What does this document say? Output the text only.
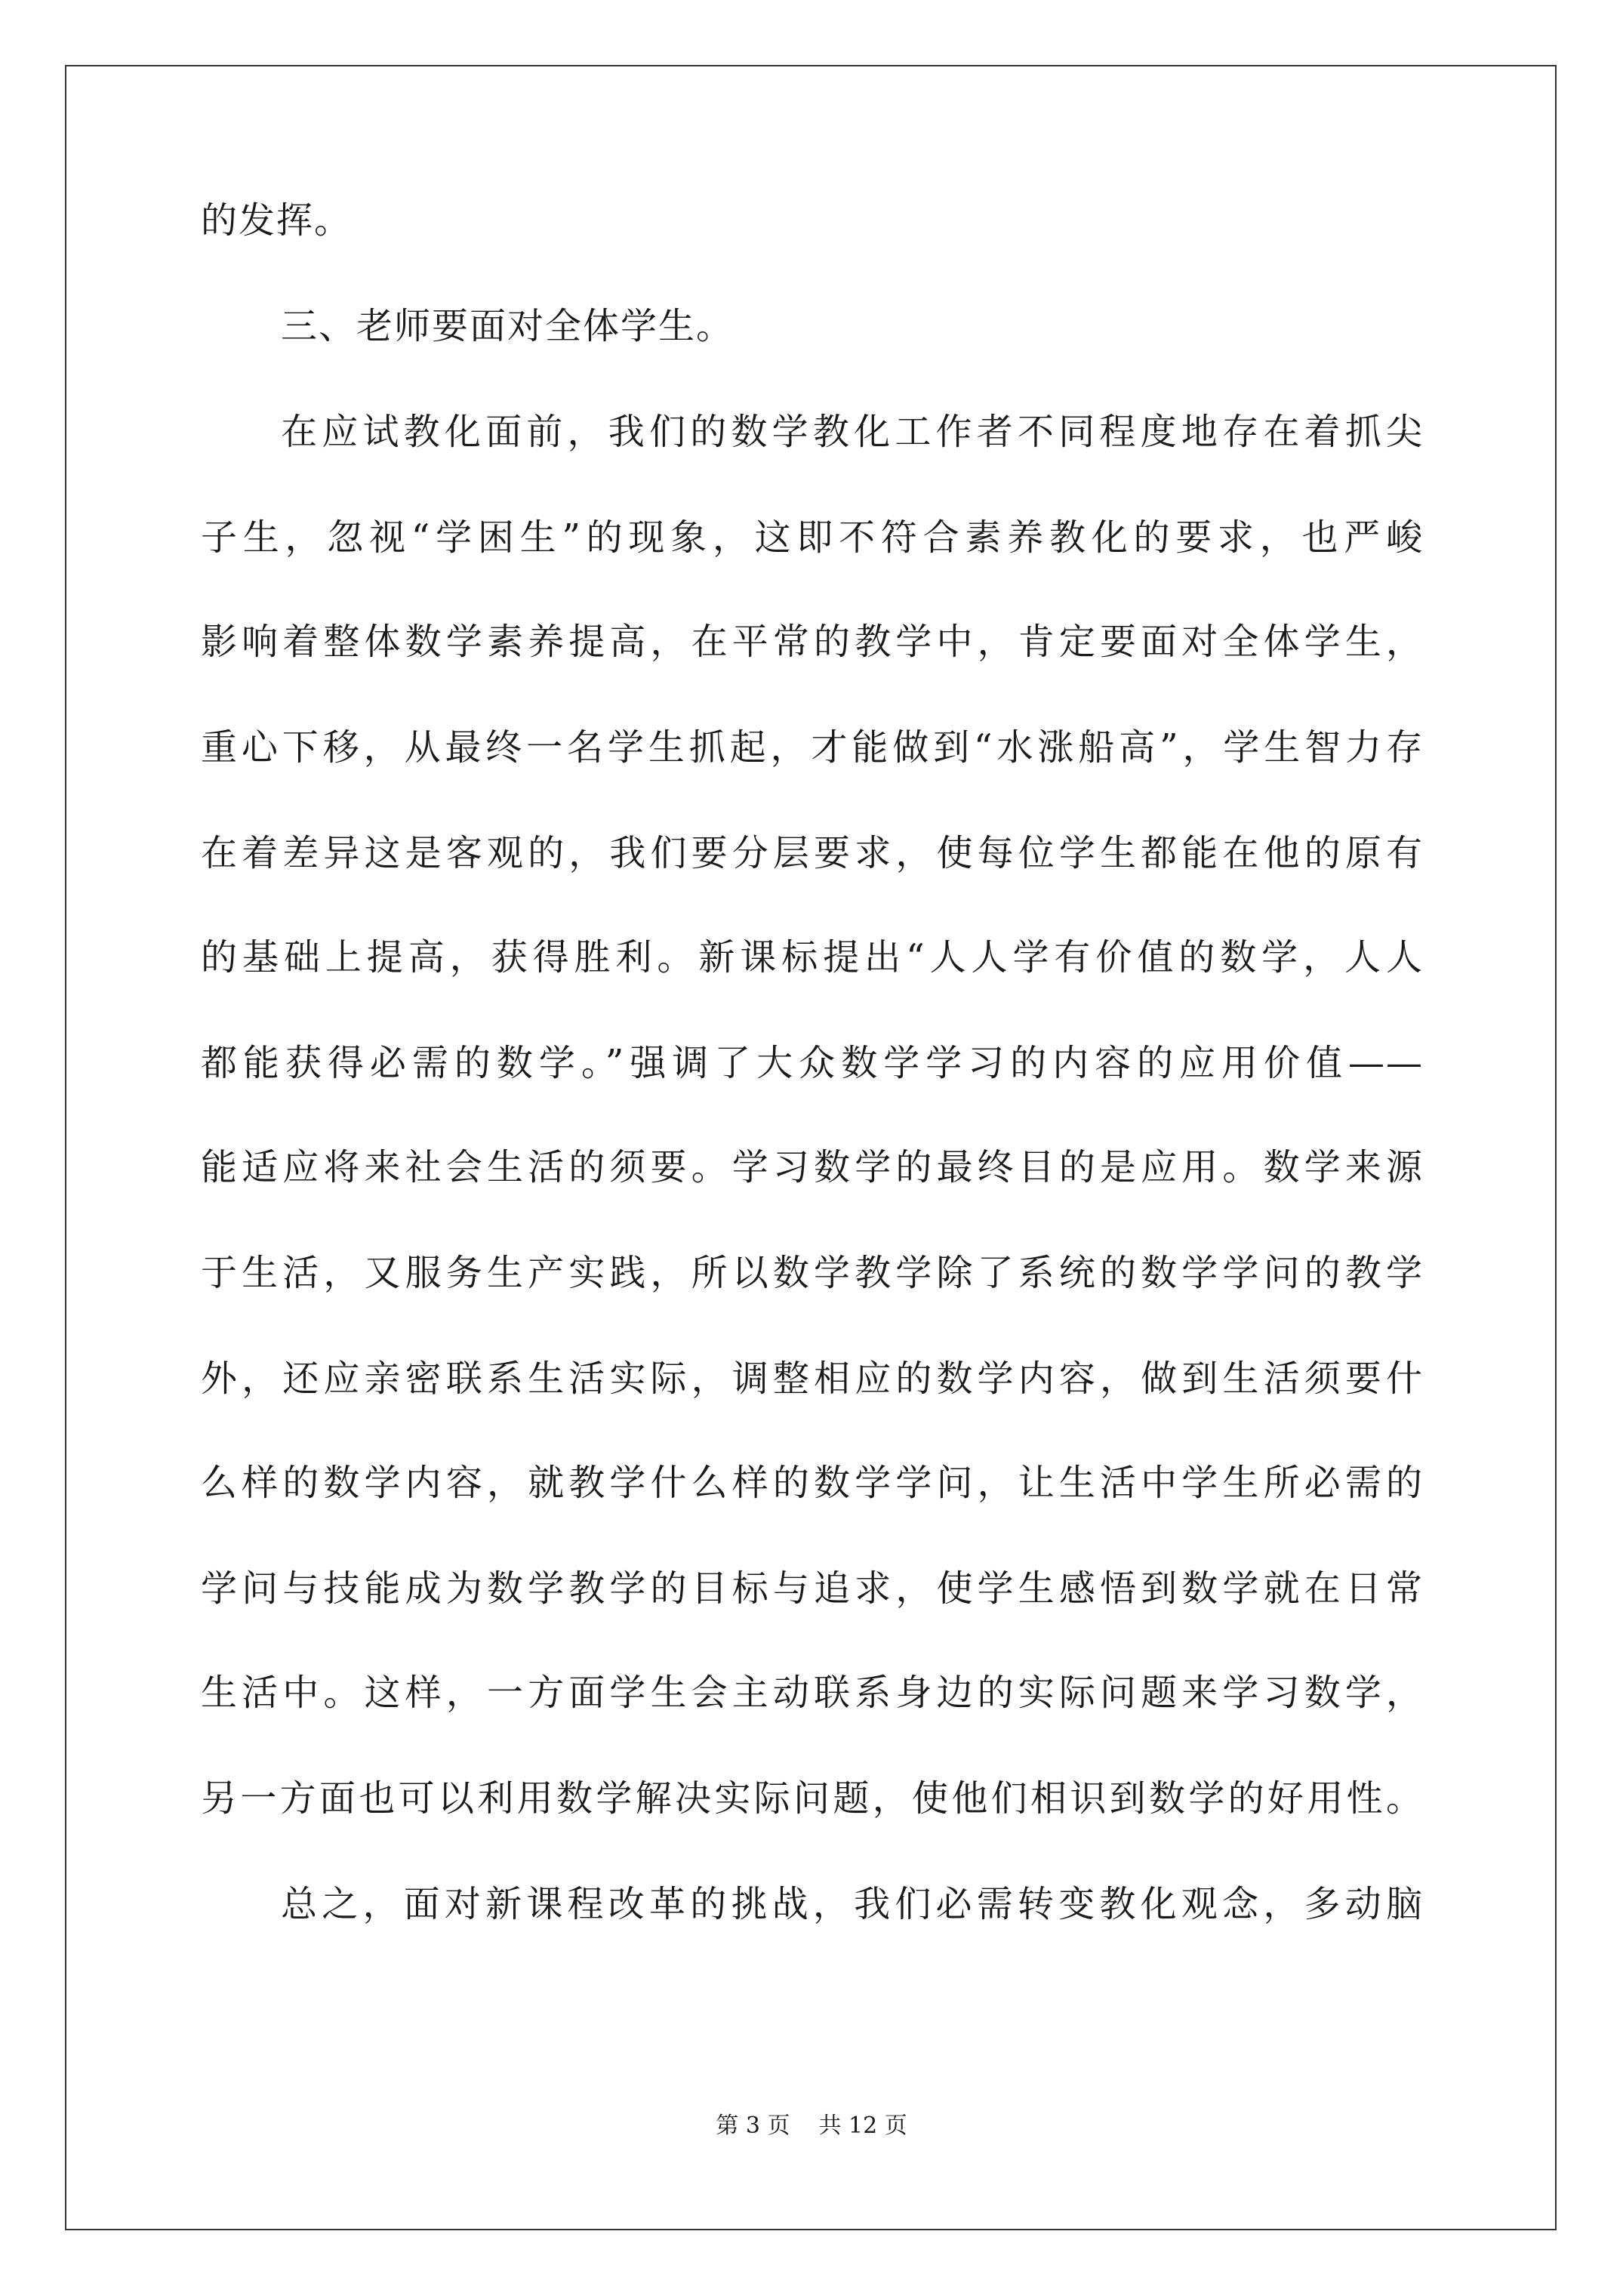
的发挥。
三、老师要面对全体学生。
在应试教化面前，我们的数学教化工作者不同程度地存在着抓尖
子生，忽视“学困生”的现象，这即不符合素养教化的要求，也严峻
影响着整体数学素养提高，在平常的教学中，肯定要面对全体学生，
重心下移，从最终一名学生抓起，才能做到“水涨船高”，学生智力存
在着差异这是客观的，我们要分层要求，使每位学生都能在他的原有
的基础上提高，获得胜利。新课标提出“人人学有价值的数学，人人
都能获得必需的数学。”强调了大众数学学习的内容的应用价值——
能适应将来社会生活的须要。学习数学的最终目的是应用。数学来源
于生活，又服务生产实践，所以数学教学除了系统的数学学问的教学
外，还应亲密联系生活实际，调整相应的数学内容，做到生活须要什
么样的数学内容，就教学什么样的数学学问，让生活中学生所必需的
学问与技能成为数学教学的目标与追求，使学生感悟到数学就在日常
生活中。这样，一方面学生会主动联系身边的实际问题来学习数学，
另一方面也可以利用数学解决实际问题，使他们相识到数学的好用性。
总之，面对新课程改革的挑战，我们必需转变教化观念，多动脑
第 3 页 共 12 页
